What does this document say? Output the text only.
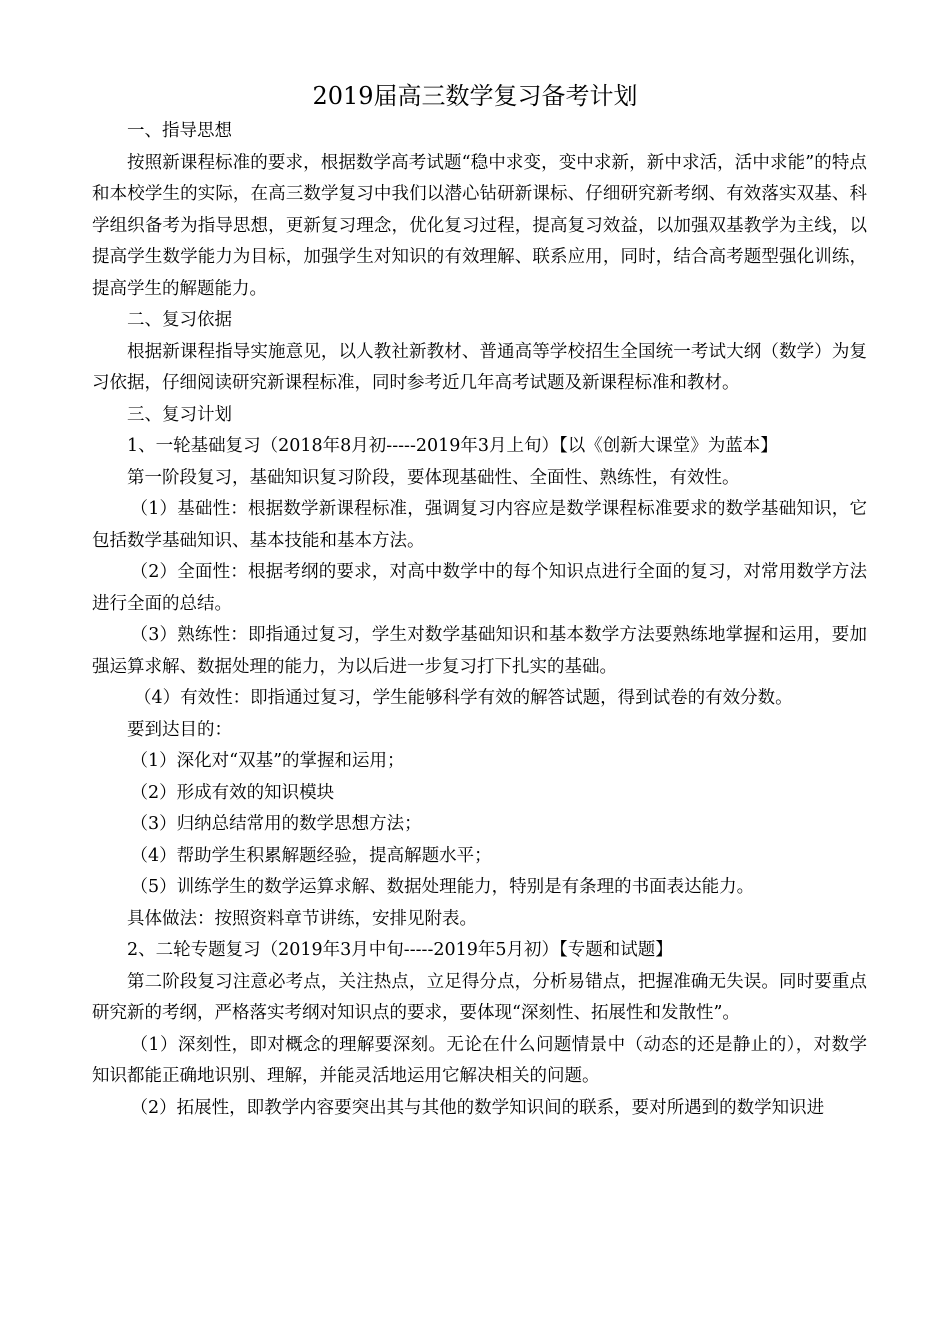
2019届高三数学复习备考计划

一、指导思想

按照新课程标准的要求，根据数学高考试题“稳中求变，变中求新，新中求活，活中求能”的特点和本校学生的实际，在高三数学复习中我们以潜心钻研新课标、仔细研究新考纲、有效落实双基、科学组织备考为指导思想，更新复习理念，优化复习过程，提高复习效益，以加强双基教学为主线，以提高学生数学能力为目标，加强学生对知识的有效理解、联系应用，同时，结合高考题型强化训练，提高学生的解题能力。

二、复习依据

根据新课程指导实施意见，以人教社新教材、普通高等学校招生全国统一考试大纲（数学）为复习依据，仔细阅读研究新课程标准，同时参考近几年高考试题及新课程标准和教材。

三、复习计划

1、一轮基础复习（2018年8月初-----2019年3月上旬）【以《创新大课堂》为蓝本】

第一阶段复习，基础知识复习阶段，要体现基础性、全面性、熟练性，有效性。

（1）基础性：根据数学新课程标准，强调复习内容应是数学课程标准要求的数学基础知识，它包括数学基础知识、基本技能和基本方法。

（2）全面性：根据考纲的要求，对高中数学中的每个知识点进行全面的复习，对常用数学方法进行全面的总结。

（3）熟练性：即指通过复习，学生对数学基础知识和基本数学方法要熟练地掌握和运用，要加强运算求解、数据处理的能力，为以后进一步复习打下扎实的基础。

（4）有效性：即指通过复习，学生能够科学有效的解答试题，得到试卷的有效分数。

要到达目的：

（1）深化对“双基”的掌握和运用；

（2）形成有效的知识模块

（3）归纳总结常用的数学思想方法；

（4）帮助学生积累解题经验，提高解题水平；

（5）训练学生的数学运算求解、数据处理能力，特别是有条理的书面表达能力。

具体做法：按照资料章节讲练，安排见附表。

2、二轮专题复习（2019年3月中旬-----2019年5月初）【专题和试题】

第二阶段复习注意必考点，关注热点，立足得分点，分析易错点，把握准确无失误。同时要重点研究新的考纲，严格落实考纲对知识点的要求，要体现“深刻性、拓展性和发散性”。

（1）深刻性，即对概念的理解要深刻。无论在什么问题情景中（动态的还是静止的），对数学知识都能正确地识别、理解，并能灵活地运用它解决相关的问题。

（2）拓展性，即教学内容要突出其与其他的数学知识间的联系，要对所遇到的数学知识进
